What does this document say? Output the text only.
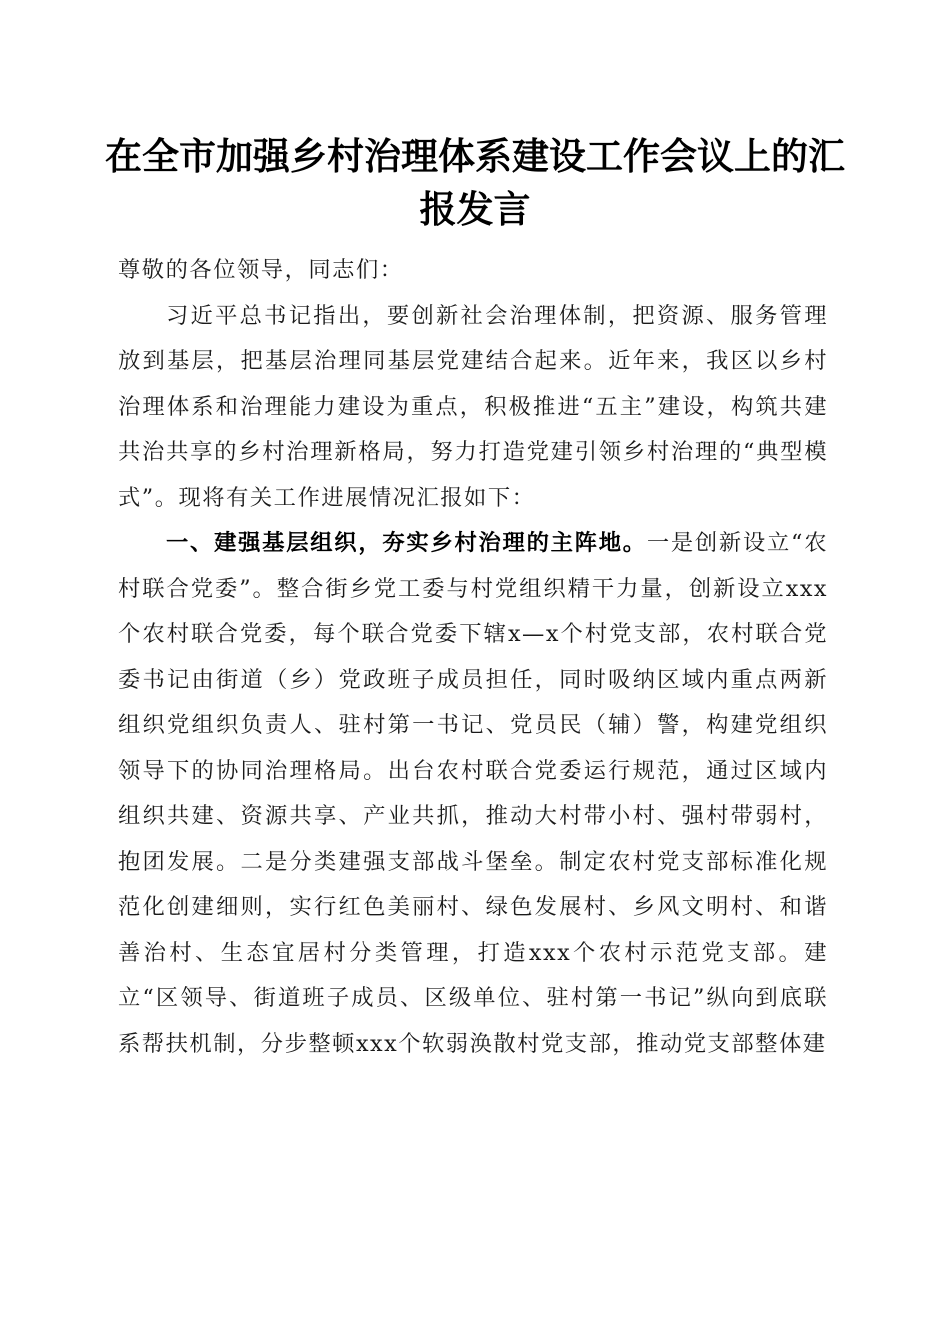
在全市加强乡村治理体系建设工作会议上的汇报发言

尊敬的各位领导，同志们：

习近平总书记指出，要创新社会治理体制，把资源、服务管理放到基层，把基层治理同基层党建结合起来。近年来，我区以乡村治理体系和治理能力建设为重点，积极推进“五主”建设，构筑共建共治共享的乡村治理新格局，努力打造党建引领乡村治理的“典型模式”。现将有关工作进展情况汇报如下：

一、建强基层组织，夯实乡村治理的主阵地。一是创新设立“农村联合党委”。整合街乡党工委与村党组织精干力量，创新设立xxx个农村联合党委，每个联合党委下辖x—x个村党支部，农村联合党委书记由街道（乡）党政班子成员担任，同时吸纳区域内重点两新组织党组织负责人、驻村第一书记、党员民（辅）警，构建党组织领导下的协同治理格局。出台农村联合党委运行规范，通过区域内组织共建、资源共享、产业共抓，推动大村带小村、强村带弱村，抱团发展。二是分类建强支部战斗堡垒。制定农村党支部标准化规范化创建细则，实行红色美丽村、绿色发展村、乡风文明村、和谐善治村、生态宜居村分类管理，打造xxx个农村示范党支部。建立“区领导、街道班子成员、区级单位、驻村第一书记”纵向到底联系帮扶机制，分步整顿xxx个软弱涣散村党支部，推动党支部整体建
